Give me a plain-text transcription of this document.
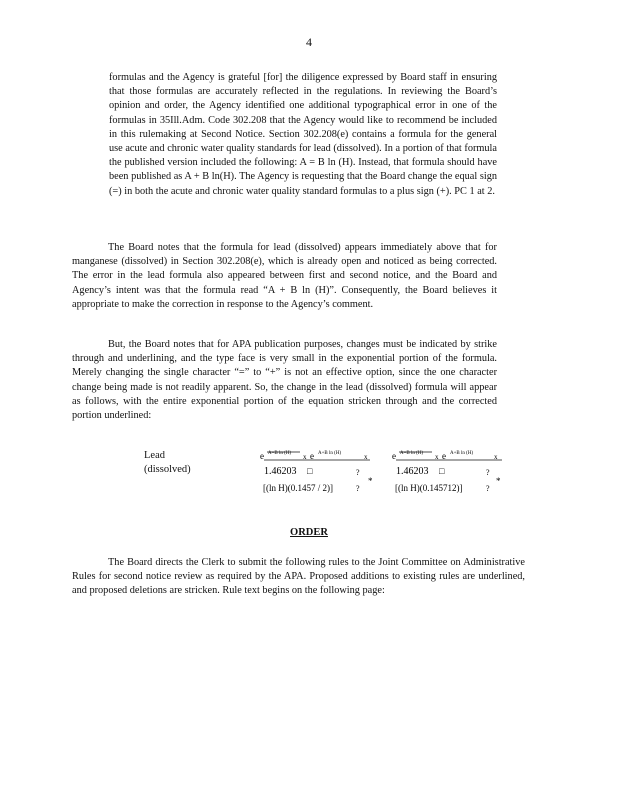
4

formulas and the Agency is grateful [for] the diligence expressed by Board staff in ensuring that those formulas are accurately reflected in the regulations. In reviewing the Board’s opinion and order, the Agency identified one additional typographical error in one of the formulas in 35Ill.Adm. Code 302.208 that the Agency would like to recommend be included in this rulemaking at Second Notice. Section 302.208(e) contains a formula for the general use acute and chronic water quality standards for lead (dissolved). In a portion of that formula the published version included the following: A = B ln (H). Instead, that formula should have been published as A + B ln(H). The Agency is requesting that the Board change the equal sign (=) in both the acute and chronic water quality standard formulas to a plus sign (+). PC 1 at 2.

The Board notes that the formula for lead (dissolved) appears immediately above that for manganese (dissolved) in Section 302.208(e), which is already open and noticed as being corrected. The error in the lead formula also appeared between first and second notice, and the Board and Agency’s intent was that the formula read “A + B ln (H)”. Consequently, the Board believes it appropriate to make the correction in response to the Agency’s comment.

But, the Board notes that for APA publication purposes, changes must be indicated by strike through and underlining, and the type face is very small in the exponential portion of the formula. Merely changing the single character “=” to “+” is not an effective option, since the one character change being made is not readily apparent. So, the change in the lead (dissolved) formula will appear as follows, with the entire exponential portion of the equation stricken through and the corrected portion underlined:

Lead
(dissolved)
e A=B ln (H) x e A+B ln (H)	x
1.46203 □
[(ln H)(0.1457 / 2)]
?
?
*
e A=B ln (H) x e A+B ln (H)	x
1.46203 □
[(ln H)(0.145712)]
?
?
*
ORDER

The Board directs the Clerk to submit the following rules to the Joint Committee on Administrative Rules for second notice review as required by the APA. Proposed additions to existing rules are underlined, and proposed deletions are stricken. Rule text begins on the following page:
